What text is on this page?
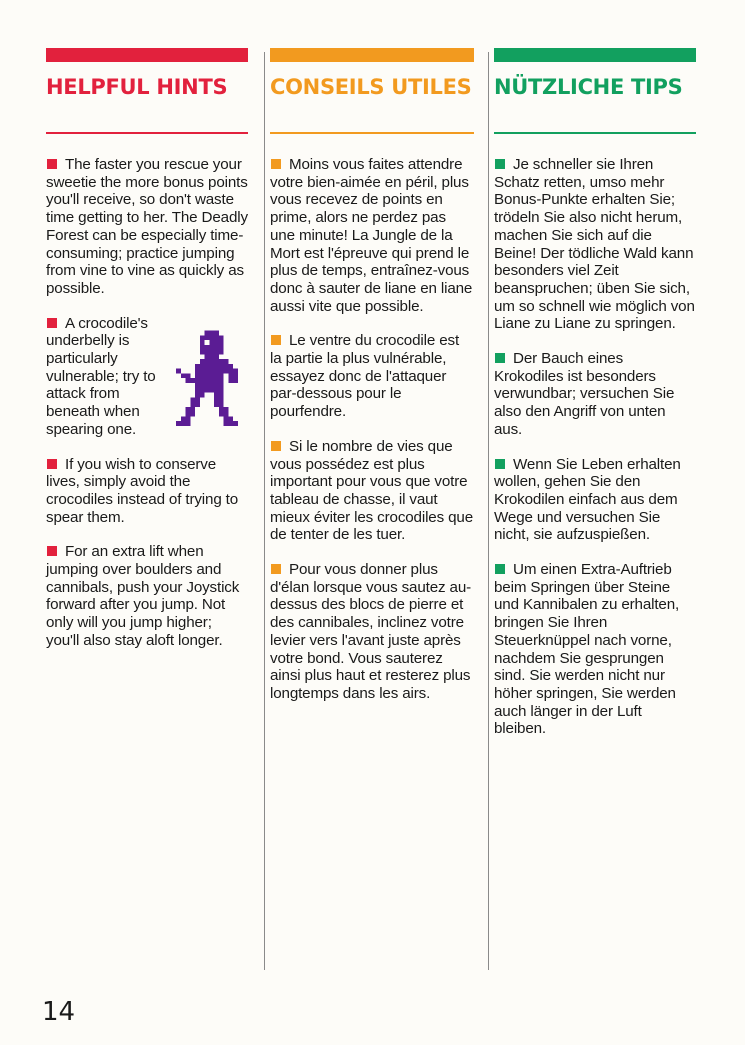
HELPFUL HINTS

The faster you rescue your sweetie the more bonus points you'll receive, so don't waste time getting to her. The Deadly Forest can be especially time-consuming; practice jumping from vine to vine as quickly as possible.

A crocodile's underbelly is particularly vulnerable; try to attack from beneath when spearing one.

If you wish to conserve lives, simply avoid the crocodiles instead of trying to spear them.

For an extra lift when jumping over boulders and cannibals, push your Joystick forward after you jump. Not only will you jump higher; you'll also stay aloft longer.

CONSEILS UTILES

Moins vous faites attendre votre bien-aimée en péril, plus vous recevez de points en prime, alors ne perdez pas une minute! La Jungle de la Mort est l'épreuve qui prend le plus de temps, entraînez-vous donc à sauter de liane en liane aussi vite que possible.

Le ventre du crocodile est la partie la plus vulnérable, essayez donc de l'attaquer par-dessous pour le pourfendre.

Si le nombre de vies que vous possédez est plus important pour vous que votre tableau de chasse, il vaut mieux éviter les crocodiles que de tenter de les tuer.

Pour vous donner plus d'élan lorsque vous sautez au-dessus des blocs de pierre et des cannibales, inclinez votre levier vers l'avant juste après votre bond. Vous sauterez ainsi plus haut et resterez plus longtemps dans les airs.

NÜTZLICHE TIPS

Je schneller sie Ihren Schatz retten, umso mehr Bonus-Punkte erhalten Sie; trödeln Sie also nicht herum, machen Sie sich auf die Beine! Der tödliche Wald kann besonders viel Zeit beanspruchen; üben Sie sich, um so schnell wie möglich von Liane zu Liane zu springen.

Der Bauch eines Krokodiles ist besonders verwundbar; versuchen Sie also den Angriff von unten aus.

Wenn Sie Leben erhalten wollen, gehen Sie den Krokodilen einfach aus dem Wege und versuchen Sie nicht, sie aufzuspießen.

Um einen Extra-Auftrieb beim Springen über Steine und Kannibalen zu erhalten, bringen Sie Ihren Steuerknüppel nach vorne, nachdem Sie gesprungen sind. Sie werden nicht nur höher springen, Sie werden auch länger in der Luft bleiben.

14
